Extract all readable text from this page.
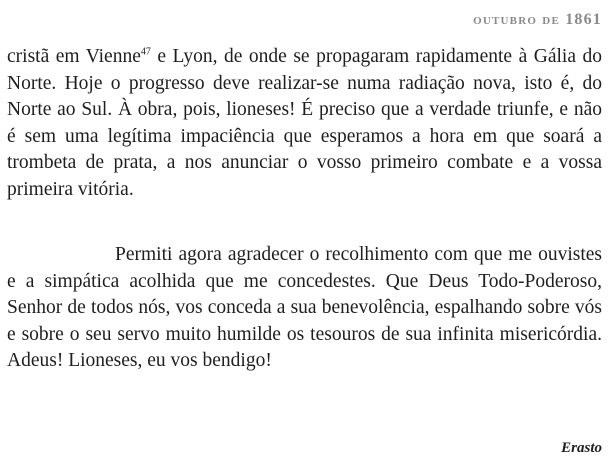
outubro de 1861

cristã em Vienne$^{47}$ e Lyon, de onde se propagaram rapidamente à Gália do Norte. Hoje o progresso deve realizar-se numa radiação nova, isto é, do Norte ao Sul. À obra, pois, lioneses! É preciso que a verdade triunfe, e não é sem uma legítima impaciência que esperamos a hora em que soará a trombeta de prata, a nos anunciar o vosso primeiro combate e a vossa primeira vitória.

Permiti agora agradecer o recolhimento com que me ouvistes e a simpática acolhida que me concedestes. Que Deus Todo-Poderoso, Senhor de todos nós, vos conceda a sua benevolência, espalhando sobre vós e sobre o seu servo muito humilde os tesouros de sua infinita misericórdia. Adeus! Lioneses, eu vos bendigo!

Erasto
